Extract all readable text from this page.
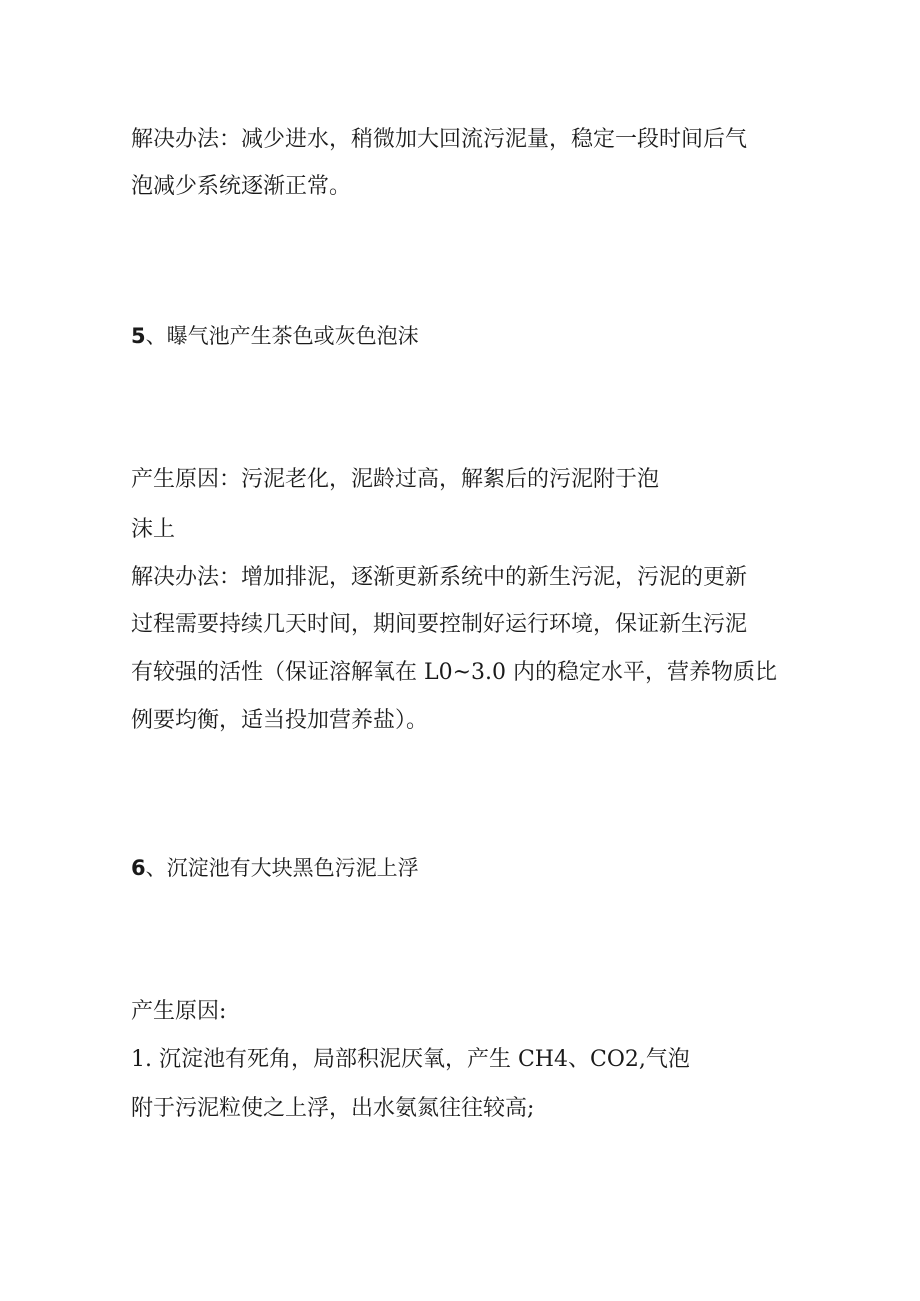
解决办法：减少进水，稍微加大回流污泥量，稳定一段时间后气

泡减少系统逐渐正常。

5、曝气池产生茶色或灰色泡沫

产生原因：污泥老化，泥龄过高，解絮后的污泥附于泡

沫上

解决办法：增加排泥，逐渐更新系统中的新生污泥，污泥的更新

过程需要持续几天时间，期间要控制好运行环境，保证新生污泥

有较强的活性（保证溶解氧在 L0~3.0 内的稳定水平，营养物质比

例要均衡，适当投加营养盐）。

6、沉淀池有大块黑色污泥上浮

产生原因:

1. 沉淀池有死角，局部积泥厌氧，产生 CH4、CO2,气泡

附于污泥粒使之上浮，出水氨氮往往较高;
